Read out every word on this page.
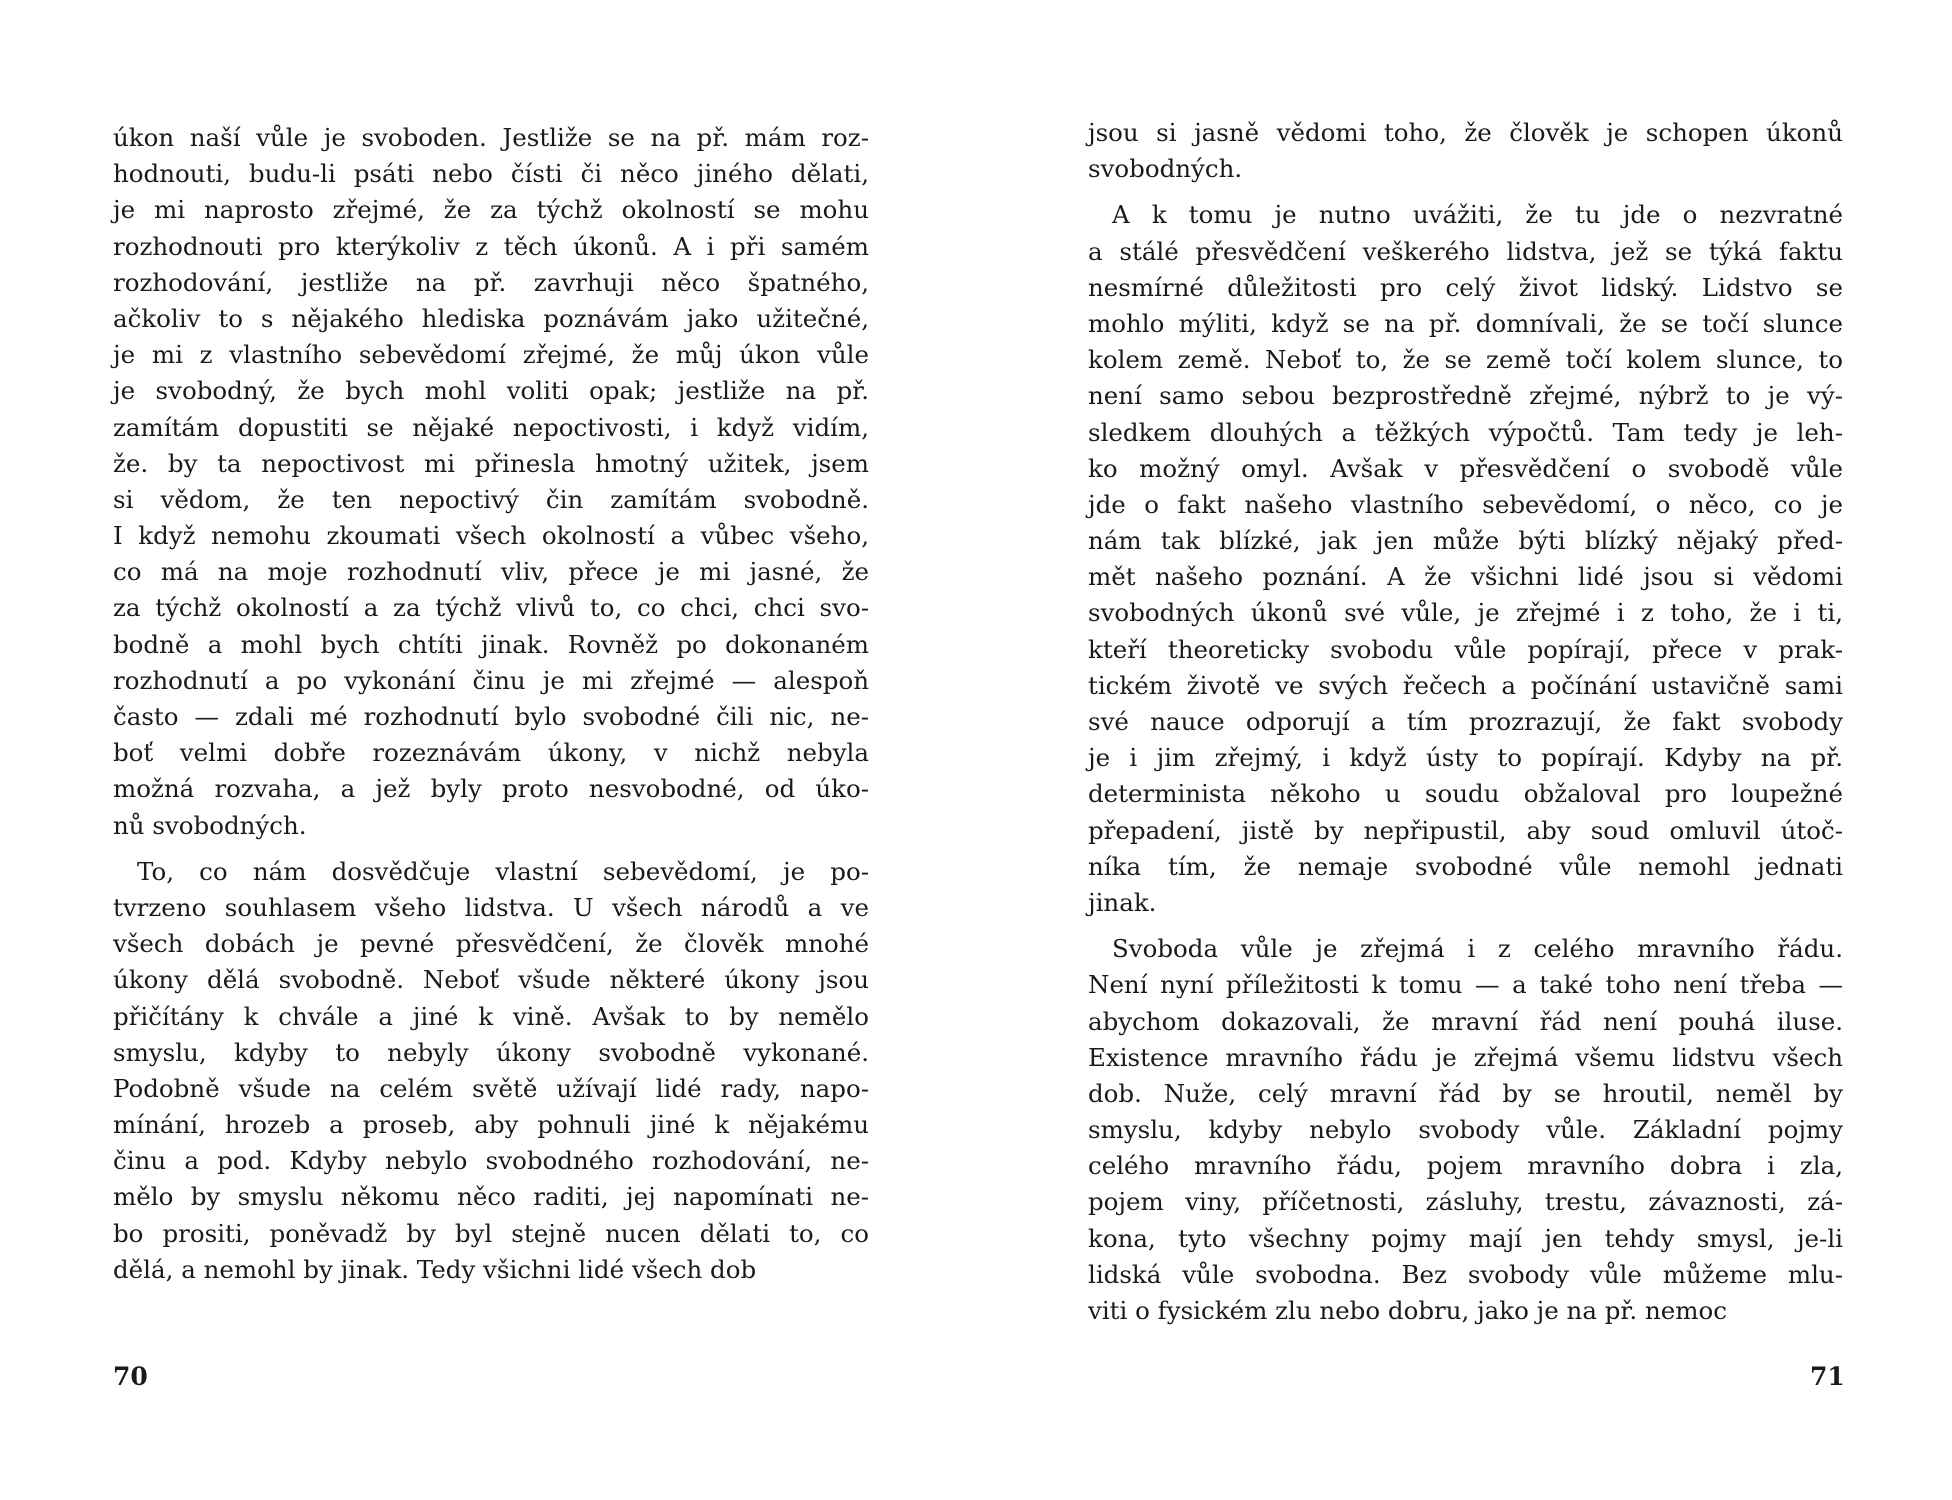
úkon naší vůle je svoboden. Jestliže se na př. mám roz-
hodnouti, budu-li psáti nebo čísti či něco jiného dělati,
je mi naprosto zřejmé, že za týchž okolností se mohu
rozhodnouti pro kterýkoliv z těch úkonů. A i při samém
rozhodování, jestliže na př. zavrhuji něco špatného,
ačkoliv to s nějakého hlediska poznávám jako užitečné,
je mi z vlastního sebevědomí zřejmé, že můj úkon vůle
je svobodný, že bych mohl voliti opak; jestliže na př.
zamítám dopustiti se nějaké nepoctivosti, i když vidím,
že. by ta nepoctivost mi přinesla hmotný užitek, jsem
si vědom, že ten nepoctivý čin zamítám svobodně.
I když nemohu zkoumati všech okolností a vůbec všeho,
co má na moje rozhodnutí vliv, přece je mi jasné, že
za týchž okolností a za týchž vlivů to, co chci, chci svo-
bodně a mohl bych chtíti jinak. Rovněž po dokonaném
rozhodnutí a po vykonání činu je mi zřejmé — alespoň
často — zdali mé rozhodnutí bylo svobodné čili nic, ne-
boť velmi dobře rozeznávám úkony, v nichž nebyla
možná rozvaha, a jež byly proto nesvobodné, od úko-
nů svobodných.
To, co nám dosvědčuje vlastní sebevědomí, je po-
tvrzeno souhlasem všeho lidstva. U všech národů a ve
všech dobách je pevné přesvědčení, že člověk mnohé
úkony dělá svobodně. Neboť všude některé úkony jsou
přičítány k chvále a jiné k vině. Avšak to by nemělo
smyslu, kdyby to nebyly úkony svobodně vykonané.
Podobně všude na celém světě užívají lidé rady, napo-
mínání, hrozeb a proseb, aby pohnuli jiné k nějakému
činu a pod. Kdyby nebylo svobodného rozhodování, ne-
mělo by smyslu někomu něco raditi, jej napomínati ne-
bo prositi, poněvadž by byl stejně nucen dělati to, co
dělá, a nemohl by jinak. Tedy všichni lidé všech dob
70
jsou si jasně vědomi toho, že člověk je schopen úkonů
svobodných.
A k tomu je nutno uvážiti, že tu jde o nezvratné
a stálé přesvědčení veškerého lidstva, jež se týká faktu
nesmírné důležitosti pro celý život lidský. Lidstvo se
mohlo mýliti, když se na př. domnívali, že se točí slunce
kolem země. Neboť to, že se země točí kolem slunce, to
není samo sebou bezprostředně zřejmé, nýbrž to je vý-
sledkem dlouhých a těžkých výpočtů. Tam tedy je leh-
ko možný omyl. Avšak v přesvědčení o svobodě vůle
jde o fakt našeho vlastního sebevědomí, o něco, co je
nám tak blízké, jak jen může býti blízký nějaký před-
mět našeho poznání. A že všichni lidé jsou si vědomi
svobodných úkonů své vůle, je zřejmé i z toho, že i ti,
kteří theoreticky svobodu vůle popírají, přece v prak-
tickém životě ve svých řečech a počínání ustavičně sami
své nauce odporují a tím prozrazují, že fakt svobody
je i jim zřejmý, i když ústy to popírají. Kdyby na př.
determinista někoho u soudu obžaloval pro loupežné
přepadení, jistě by nepřipustil, aby soud omluvil útoč-
níka tím, že nemaje svobodné vůle nemohl jednati
jinak.
Svoboda vůle je zřejmá i z celého mravního řádu.
Není nyní příležitosti k tomu — a také toho není třeba —
abychom dokazovali, že mravní řád není pouhá iluse.
Existence mravního řádu je zřejmá všemu lidstvu všech
dob. Nuže, celý mravní řád by se hroutil, neměl by
smyslu, kdyby nebylo svobody vůle. Základní pojmy
celého mravního řádu, pojem mravního dobra i zla,
pojem viny, příčetnosti, zásluhy, trestu, závaznosti, zá-
kona, tyto všechny pojmy mají jen tehdy smysl, je-li
lidská vůle svobodna. Bez svobody vůle můžeme mlu-
viti o fysickém zlu nebo dobru, jako je na př. nemoc
71
